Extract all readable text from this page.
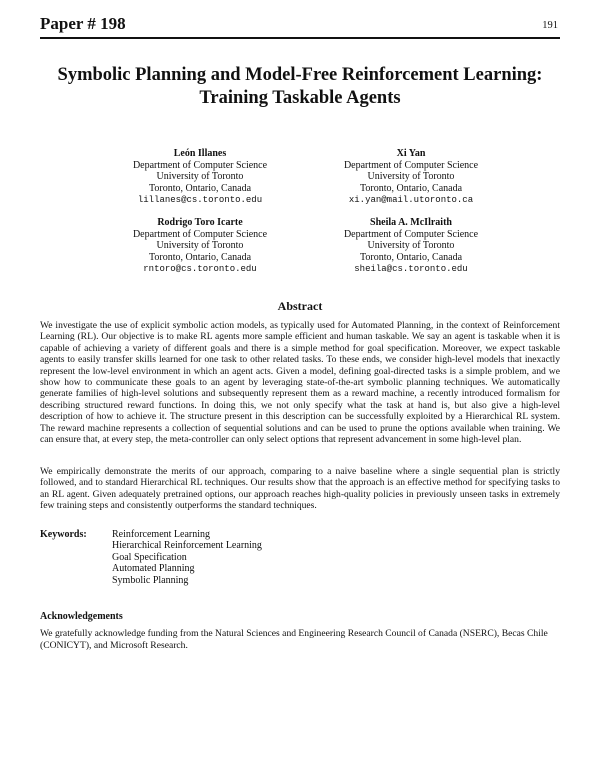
Paper # 198	191
Symbolic Planning and Model-Free Reinforcement Learning:
Training Taskable Agents
León Illanes
Department of Computer Science
University of Toronto
Toronto, Ontario, Canada
lillanes@cs.toronto.edu
Xi Yan
Department of Computer Science
University of Toronto
Toronto, Ontario, Canada
xi.yan@mail.utoronto.ca
Rodrigo Toro Icarte
Department of Computer Science
University of Toronto
Toronto, Ontario, Canada
rntoro@cs.toronto.edu
Sheila A. McIlraith
Department of Computer Science
University of Toronto
Toronto, Ontario, Canada
sheila@cs.toronto.edu
Abstract
We investigate the use of explicit symbolic action models, as typically used for Automated Planning, in the context of Reinforcement Learning (RL). Our objective is to make RL agents more sample efficient and human taskable. We say an agent is taskable when it is capable of achieving a variety of different goals and there is a simple method for goal specification. Moreover, we expect taskable agents to easily transfer skills learned for one task to other related tasks. To these ends, we consider high-level models that inexactly represent the low-level environment in which an agent acts. Given a model, defining goal-directed tasks is a simple problem, and we show how to communicate these goals to an agent by leveraging state-of-the-art symbolic planning techniques. We automatically generate families of high-level solutions and subsequently represent them as a reward machine, a recently introduced formalism for describing structured reward functions. In doing this, we not only specify what the task at hand is, but also give a high-level description of how to achieve it. The structure present in this description can be successfully exploited by a Hierarchical RL system. The reward machine represents a collection of sequential solutions and can be used to prune the options available when training. We can ensure that, at every step, the meta-controller can only select options that represent advancement in some high-level plan.
We empirically demonstrate the merits of our approach, comparing to a naive baseline where a single sequential plan is strictly followed, and to standard Hierarchical RL techniques. Our results show that the approach is an effective method for specifying tasks to an RL agent. Given adequately pretrained options, our approach reaches high-quality policies in previously unseen tasks in extremely few training steps and consistently outperforms the standard techniques.
Keywords:	Reinforcement Learning
Hierarchical Reinforcement Learning
Goal Specification
Automated Planning
Symbolic Planning
Acknowledgements
We gratefully acknowledge funding from the Natural Sciences and Engineering Research Council of Canada (NSERC), Becas Chile (CONICYT), and Microsoft Research.
